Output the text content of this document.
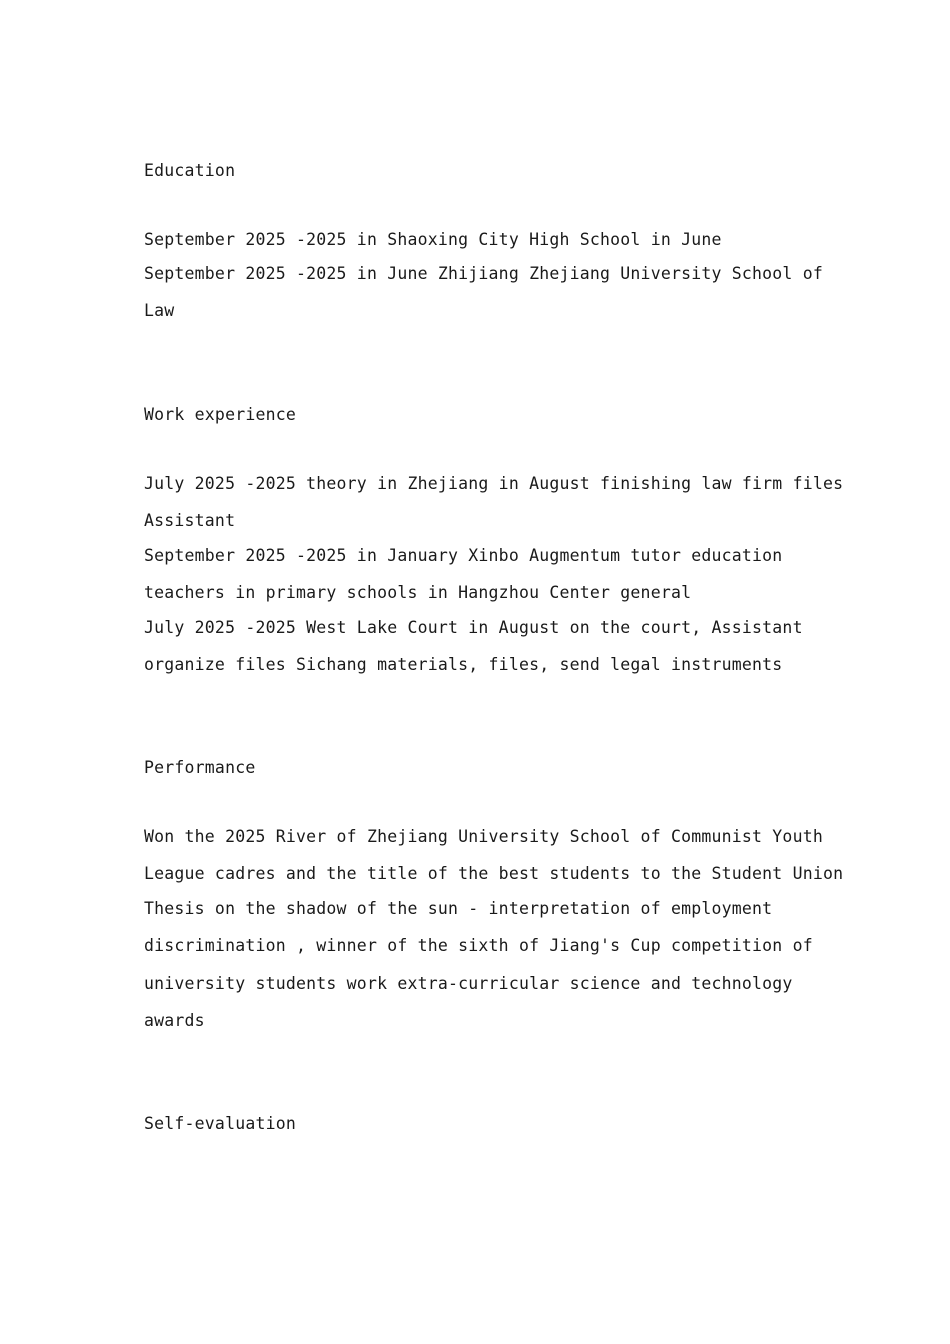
Education
September 2025 -2025 in Shaoxing City High School in June
September 2025 -2025 in June Zhijiang Zhejiang University School of
Law
Work experience
July 2025 -2025 theory in Zhejiang in August finishing law firm files
Assistant
September 2025 -2025 in January Xinbo Augmentum tutor education
teachers in primary schools in Hangzhou Center general
July 2025 -2025 West Lake Court in August on the court, Assistant
organize files Sichang materials, files, send legal instruments
Performance
Won the 2025 River of Zhejiang University School of Communist Youth
League cadres and the title of the best students to the Student Union
Thesis on the shadow of the sun - interpretation of employment
discrimination , winner of the sixth of Jiang's Cup competition of
university students work extra-curricular science and technology
awards
Self-evaluation
